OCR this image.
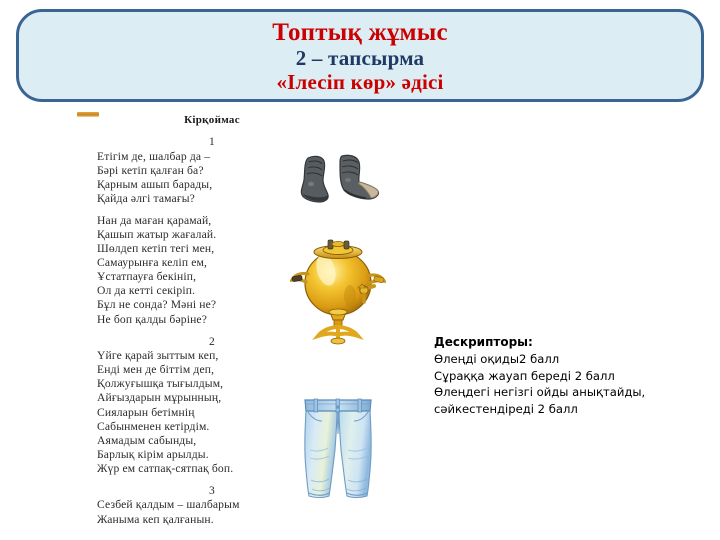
Топтық жұмыс
2 – тапсырма
«Ілесіп көр» әдісі
Кірқоймас
1
Етігім де, шалбар да –
Бәрі кетіп қалған ба?
Қарным ашып барады,
Қайда әлгі тамағы?
Нан да маған қарамай,
Қашып жатыр жағалай.
Шөлдеп кетіп тегі мен,
Самаурынға келіп ем,
Ұстатпауға бекініп,
Ол да кетті секіріп.
Бұл не сонда? Мәні не?
Не боп қалды бәріне?
2
Үйге қарай зыттым кеп,
Енді мен де біттім деп,
Қолжуғышқа тығылдым,
Айғыздарын мұрынның,
Сияларын бетімнің
Сабынменен кетірдім.
Аямадым сабынды,
Барлық кірім арылды.
Жүр ем сатпақ-сятпақ боп.
3
Сезбей қалдым – шалбарым
Жаныма кеп қалғанын.
Дескрипторы:
Өлеңді оқиды2 балл
Сұраққа жауап береді 2 балл
Өлеңдегі негізгі ойды анықтайды,
сәйкестендіреді 2 балл
